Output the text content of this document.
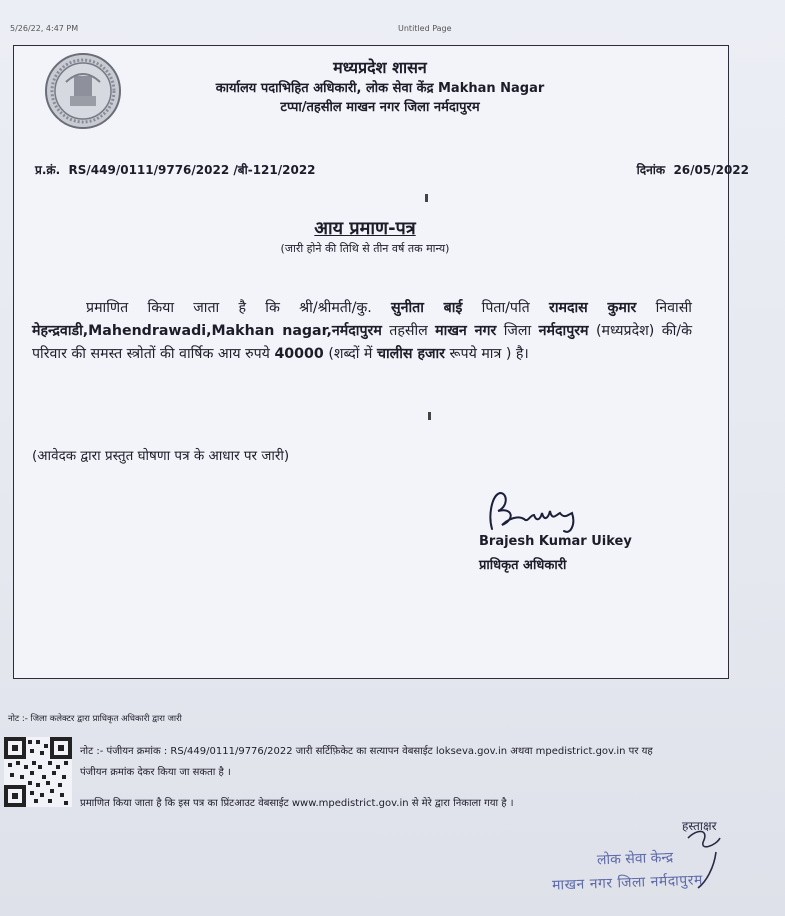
5/26/22, 4:47 PM	Untitled Page
मध्यप्रदेश शासन
कार्यालय पदाभिहित अधिकारी, लोक सेवा केंद्र Makhan Nagar
टप्पा/तहसील माखन नगर जिला नर्मदापुरम
प्र.क्रं. RS/449/0111/9776/2022 /बी-121/2022	दिनांक 26/05/2022
आय प्रमाण-पत्र
(जारी होने की तिथि से तीन वर्ष तक मान्य)
प्रमाणित किया जाता है कि श्री/श्रीमती/कु. सुनीता बाई पिता/पति रामदास कुमार निवासी मेहन्द्रवाडी,Mahendrawadi,Makhan nagar,नर्मदापुरम तहसील माखन नगर जिला नर्मदापुरम (मध्यप्रदेश) की/के परिवार की समस्त स्त्रोतों की वार्षिक आय रुपये 40000 (शब्दों में चालीस हजार रूपये मात्र ) है।
(आवेदक द्वारा प्रस्तुत घोषणा पत्र के आधार पर जारी)
Brajesh Kumar Uikey
प्राधिकृत अधिकारी
नोट :- जिला कलेक्टर द्वारा प्राधिकृत अधिकारी द्वारा जारी
नोट :- पंजीयन क्रमांक : RS/449/0111/9776/2022 जारी सर्टिफ़िकेट का सत्यापन वेबसाईट lokseva.gov.in अथवा mpedistrict.gov.in पर यह पंजीयन क्रमांक देकर किया जा सकता है ।
प्रमाणित किया जाता है कि इस पत्र का प्रिंटआउट वेबसाईट www.mpedistrict.gov.in से मेरे द्वारा निकाला गया है ।
हस्ताक्षर
लोक सेवा केन्द्र
माखन नगर जिला नर्मदापुरम
